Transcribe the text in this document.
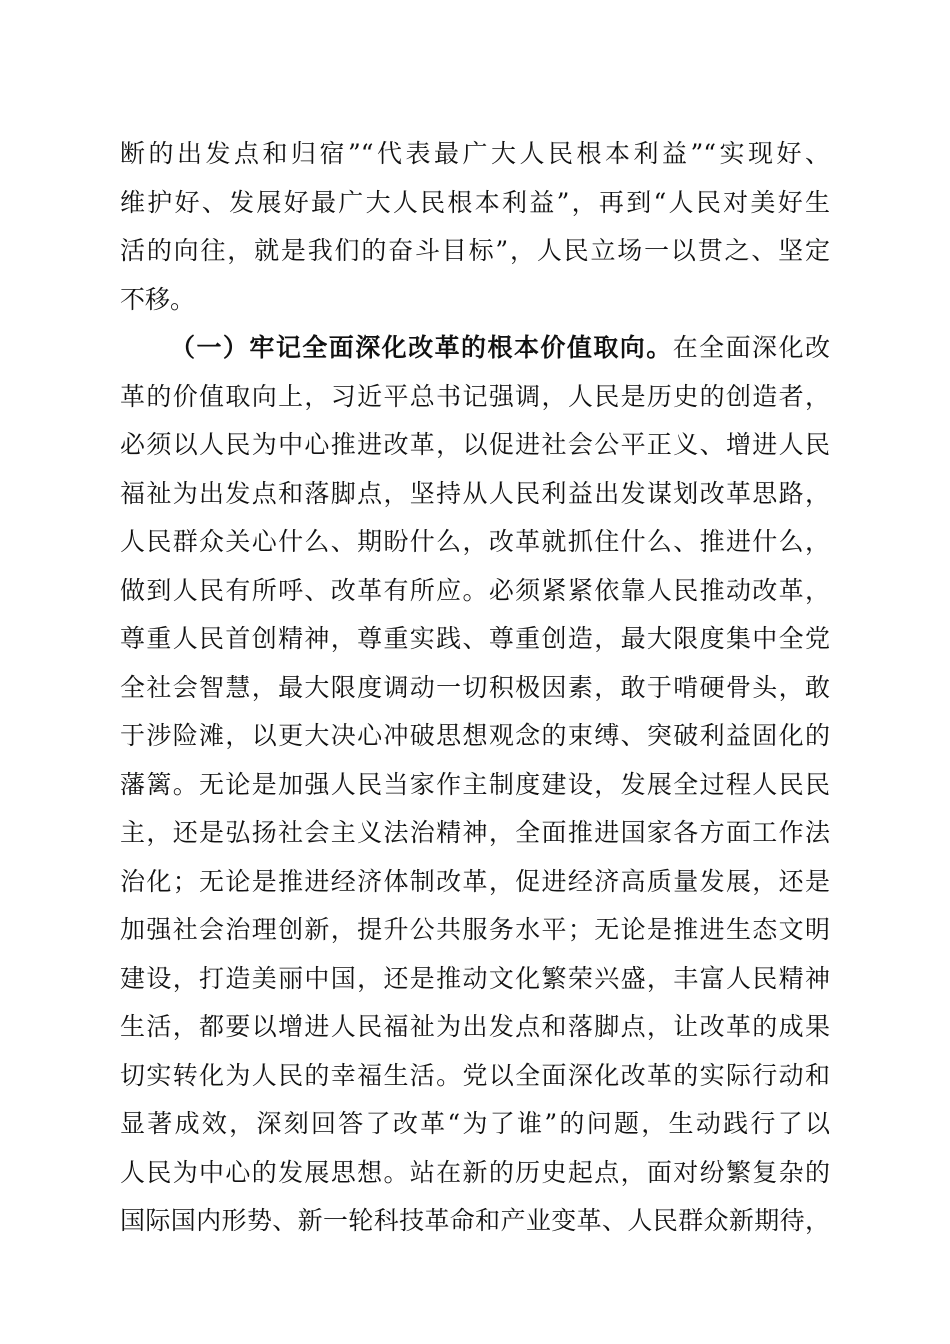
断的出发点和归宿”“代表最广大人民根本利益”“实现好、
维护好、发展好最广大人民根本利益”，再到“人民对美好生
活的向往，就是我们的奋斗目标”，人民立场一以贯之、坚定
不移。
（一）牢记全面深化改革的根本价值取向。在全面深化改
革的价值取向上，习近平总书记强调，人民是历史的创造者，
必须以人民为中心推进改革，以促进社会公平正义、增进人民
福祉为出发点和落脚点，坚持从人民利益出发谋划改革思路，
人民群众关心什么、期盼什么，改革就抓住什么、推进什么，
做到人民有所呼、改革有所应。必须紧紧依靠人民推动改革，
尊重人民首创精神，尊重实践、尊重创造，最大限度集中全党
全社会智慧，最大限度调动一切积极因素，敢于啃硬骨头，敢
于涉险滩，以更大决心冲破思想观念的束缚、突破利益固化的
藩篱。无论是加强人民当家作主制度建设，发展全过程人民民
主，还是弘扬社会主义法治精神，全面推进国家各方面工作法
治化；无论是推进经济体制改革，促进经济高质量发展，还是
加强社会治理创新，提升公共服务水平；无论是推进生态文明
建设，打造美丽中国，还是推动文化繁荣兴盛，丰富人民精神
生活，都要以增进人民福祉为出发点和落脚点，让改革的成果
切实转化为人民的幸福生活。党以全面深化改革的实际行动和
显著成效，深刻回答了改革“为了谁”的问题，生动践行了以
人民为中心的发展思想。站在新的历史起点，面对纷繁复杂的
国际国内形势、新一轮科技革命和产业变革、人民群众新期待，
